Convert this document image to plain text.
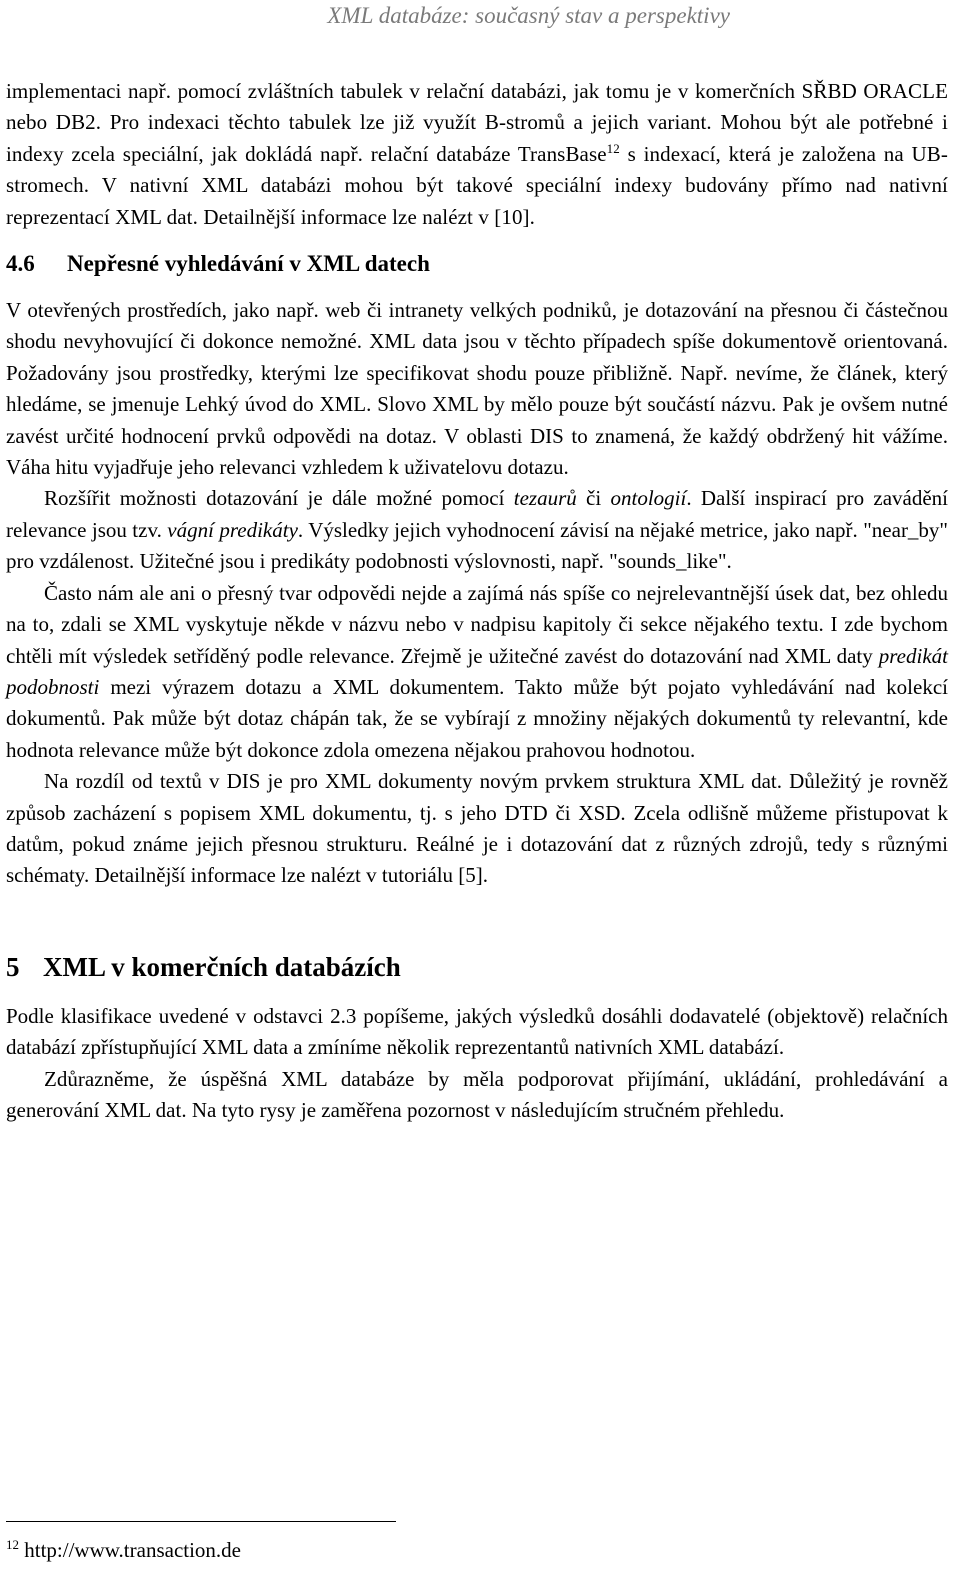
XML databáze: současný stav a perspektivy

implementaci např. pomocí zvláštních tabulek v relační databázi, jak tomu je v komerčních SŘBD ORACLE nebo DB2. Pro indexaci těchto tabulek lze již využít B-stromů a jejich variant. Mohou být ale potřebné i indexy zcela speciální, jak dokládá např. relační databáze TransBase$^{12}$ s indexací, která je založena na UB-stromech. V nativní XML databázi mohou být takové speciální indexy budovány přímo nad nativní reprezentací XML dat. Detailnější informace lze nalézt v [10].

4.6 Nepřesné vyhledávání v XML datech

V otevřených prostředích, jako např. web či intranety velkých podniků, je dotazování na přesnou či částečnou shodu nevyhovující či dokonce nemožné. XML data jsou v těchto případech spíše dokumentově orientovaná. Požadovány jsou prostředky, kterými lze specifikovat shodu pouze přibližně. Např. nevíme, že článek, který hledáme, se jmenuje Lehký úvod do XML. Slovo XML by mělo pouze být součástí názvu. Pak je ovšem nutné zavést určité hodnocení prvků odpovědi na dotaz. V oblasti DIS to znamená, že každý obdržený hit vážíme. Váha hitu vyjadřuje jeho relevanci vzhledem k uživatelovu dotazu.

Rozšířit možnosti dotazování je dále možné pomocí tezaurů či ontologií. Další inspirací pro zavádění relevance jsou tzv. vágní predikáty. Výsledky jejich vyhodnocení závisí na nějaké metrice, jako např. "near_by" pro vzdálenost. Užitečné jsou i predikáty podobnosti výslovnosti, např. "sounds_like".

Často nám ale ani o přesný tvar odpovědi nejde a zajímá nás spíše co nejrelevantnější úsek dat, bez ohledu na to, zdali se XML vyskytuje někde v názvu nebo v nadpisu kapitoly či sekce nějakého textu. I zde bychom chtěli mít výsledek setříděný podle relevance. Zřejmě je užitečné zavést do dotazování nad XML daty predikát podobnosti mezi výrazem dotazu a XML dokumentem. Takto může být pojato vyhledávání nad kolekcí dokumentů. Pak může být dotaz chápán tak, že se vybírají z množiny nějakých dokumentů ty relevantní, kde hodnota relevance může být dokonce zdola omezena nějakou prahovou hodnotou.

Na rozdíl od textů v DIS je pro XML dokumenty novým prvkem struktura XML dat. Důležitý je rovněž způsob zacházení s popisem XML dokumentu, tj. s jeho DTD či XSD. Zcela odlišně můžeme přistupovat k datům, pokud známe jejich přesnou strukturu. Reálné je i dotazování dat z různých zdrojů, tedy s různými schématy. Detailnější informace lze nalézt v tutoriálu [5].

5 XML v komerčních databázích

Podle klasifikace uvedené v odstavci 2.3 popíšeme, jakých výsledků dosáhli dodavatelé (objektově) relačních databází zpřístupňující XML data a zmíníme několik reprezentantů nativních XML databází.

Zdůrazněme, že úspěšná XML databáze by měla podporovat přijímání, ukládání, prohledávání a generování XML dat. Na tyto rysy je zaměřena pozornost v následujícím stručném přehledu.

$^{12}$ http://www.transaction.de
